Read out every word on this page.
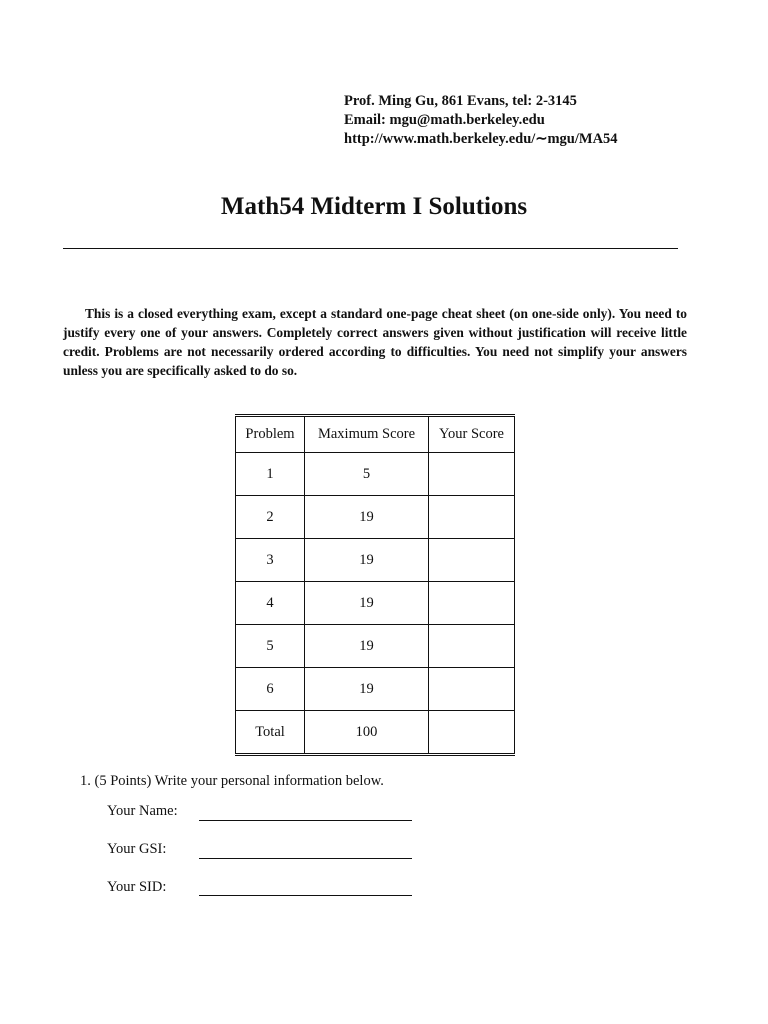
Prof. Ming Gu, 861 Evans, tel: 2-3145
Email: mgu@math.berkeley.edu
http://www.math.berkeley.edu/∼mgu/MA54
Math54 Midterm I Solutions
This is a closed everything exam, except a standard one-page cheat sheet (on one-side only). You need to justify every one of your answers. Completely correct answers given without justification will receive little credit. Problems are not necessarily ordered according to difficulties. You need not simplify your answers unless you are specifically asked to do so.
Problem	Maximum Score	Your Score
1	5	
2	19	
3	19	
4	19	
5	19	
6	19	
Total	100	
1. (5 Points) Write your personal information below.
Your Name:
Your GSI:
Your SID:
